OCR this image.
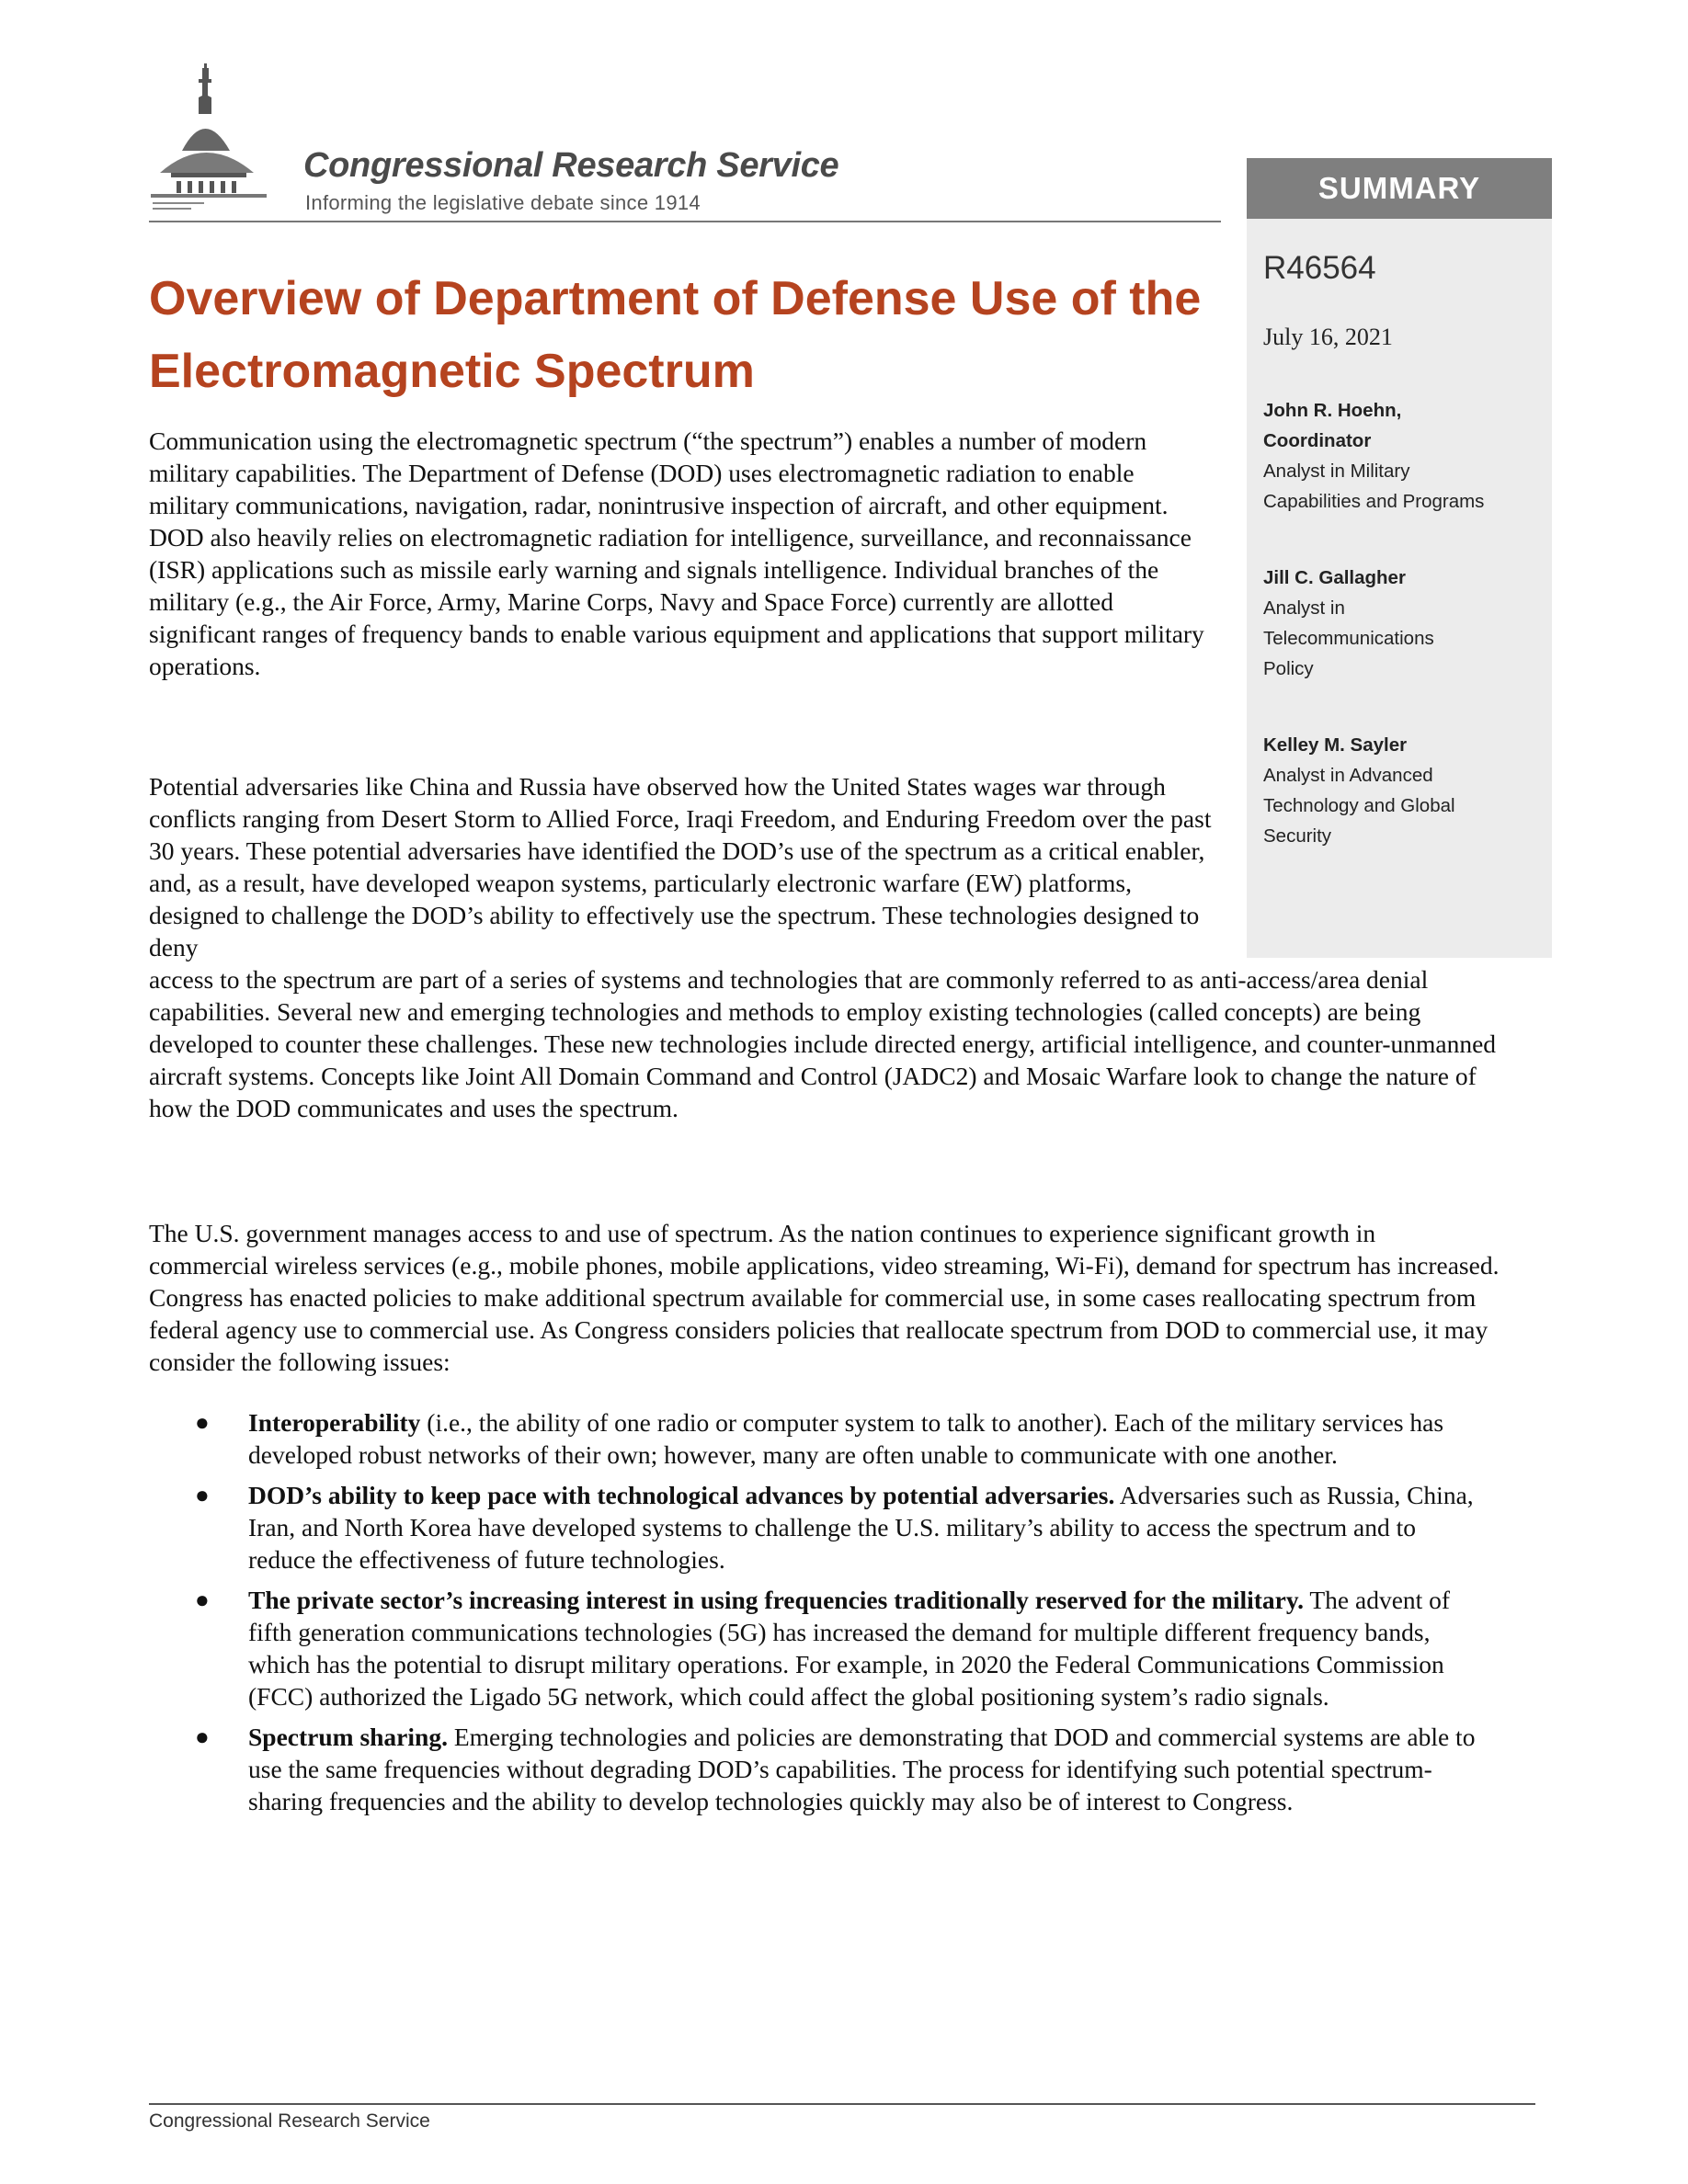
Congressional Research Service
Informing the legislative debate since 1914	SUMMARY
R46564
July 16, 2021
John R. Hoehn,
Coordinator
Analyst in Military
Capabilities and Programs
Jill C. Gallagher
Analyst in
Telecommunications
Policy
Kelley M. Sayler
Analyst in Advanced
Technology and Global
Security
Overview of Department of Defense Use of the Electromagnetic Spectrum

Communication using the electromagnetic spectrum (“the spectrum”) enables a number of modern military capabilities. The Department of Defense (DOD) uses electromagnetic radiation to enable military communications, navigation, radar, nonintrusive inspection of aircraft, and other equipment. DOD also heavily relies on electromagnetic radiation for intelligence, surveillance, and reconnaissance (ISR) applications such as missile early warning and signals intelligence. Individual branches of the military (e.g., the Air Force, Army, Marine Corps, Navy and Space Force) currently are allotted significant ranges of frequency bands to enable various equipment and applications that support military operations.

Potential adversaries like China and Russia have observed how the United States wages war through conflicts ranging from Desert Storm to Allied Force, Iraqi Freedom, and Enduring Freedom over the past 30 years. These potential adversaries have identified the DOD’s use of the spectrum as a critical enabler, and, as a result, have developed weapon systems, particularly electronic warfare (EW) platforms, designed to challenge the DOD’s ability to effectively use the spectrum. These technologies designed to deny
access to the spectrum are part of a series of systems and technologies that are commonly referred to as anti-access/area denial capabilities. Several new and emerging technologies and methods to employ existing technologies (called concepts) are being developed to counter these challenges. These new technologies include directed energy, artificial intelligence, and counter-unmanned aircraft systems. Concepts like Joint All Domain Command and Control (JADC2) and Mosaic Warfare look to change the nature of how the DOD communicates and uses the spectrum.

The U.S. government manages access to and use of spectrum. As the nation continues to experience significant growth in commercial wireless services (e.g., mobile phones, mobile applications, video streaming, Wi-Fi), demand for spectrum has increased. Congress has enacted policies to make additional spectrum available for commercial use, in some cases reallocating spectrum from federal agency use to commercial use. As Congress considers policies that reallocate spectrum from DOD to commercial use, it may consider the following issues:

● Interoperability (i.e., the ability of one radio or computer system to talk to another). Each of the military services has developed robust networks of their own; however, many are often unable to communicate with one another.
● DOD’s ability to keep pace with technological advances by potential adversaries. Adversaries such as Russia, China, Iran, and North Korea have developed systems to challenge the U.S. military’s ability to access the spectrum and to reduce the effectiveness of future technologies.
● The private sector’s increasing interest in using frequencies traditionally reserved for the military. The advent of fifth generation communications technologies (5G) has increased the demand for multiple different frequency bands, which has the potential to disrupt military operations. For example, in 2020 the Federal Communications Commission (FCC) authorized the Ligado 5G network, which could affect the global positioning system’s radio signals.
● Spectrum sharing. Emerging technologies and policies are demonstrating that DOD and commercial systems are able to use the same frequencies without degrading DOD’s capabilities. The process for identifying such potential spectrum-sharing frequencies and the ability to develop technologies quickly may also be of interest to Congress.
Congressional Research Service
